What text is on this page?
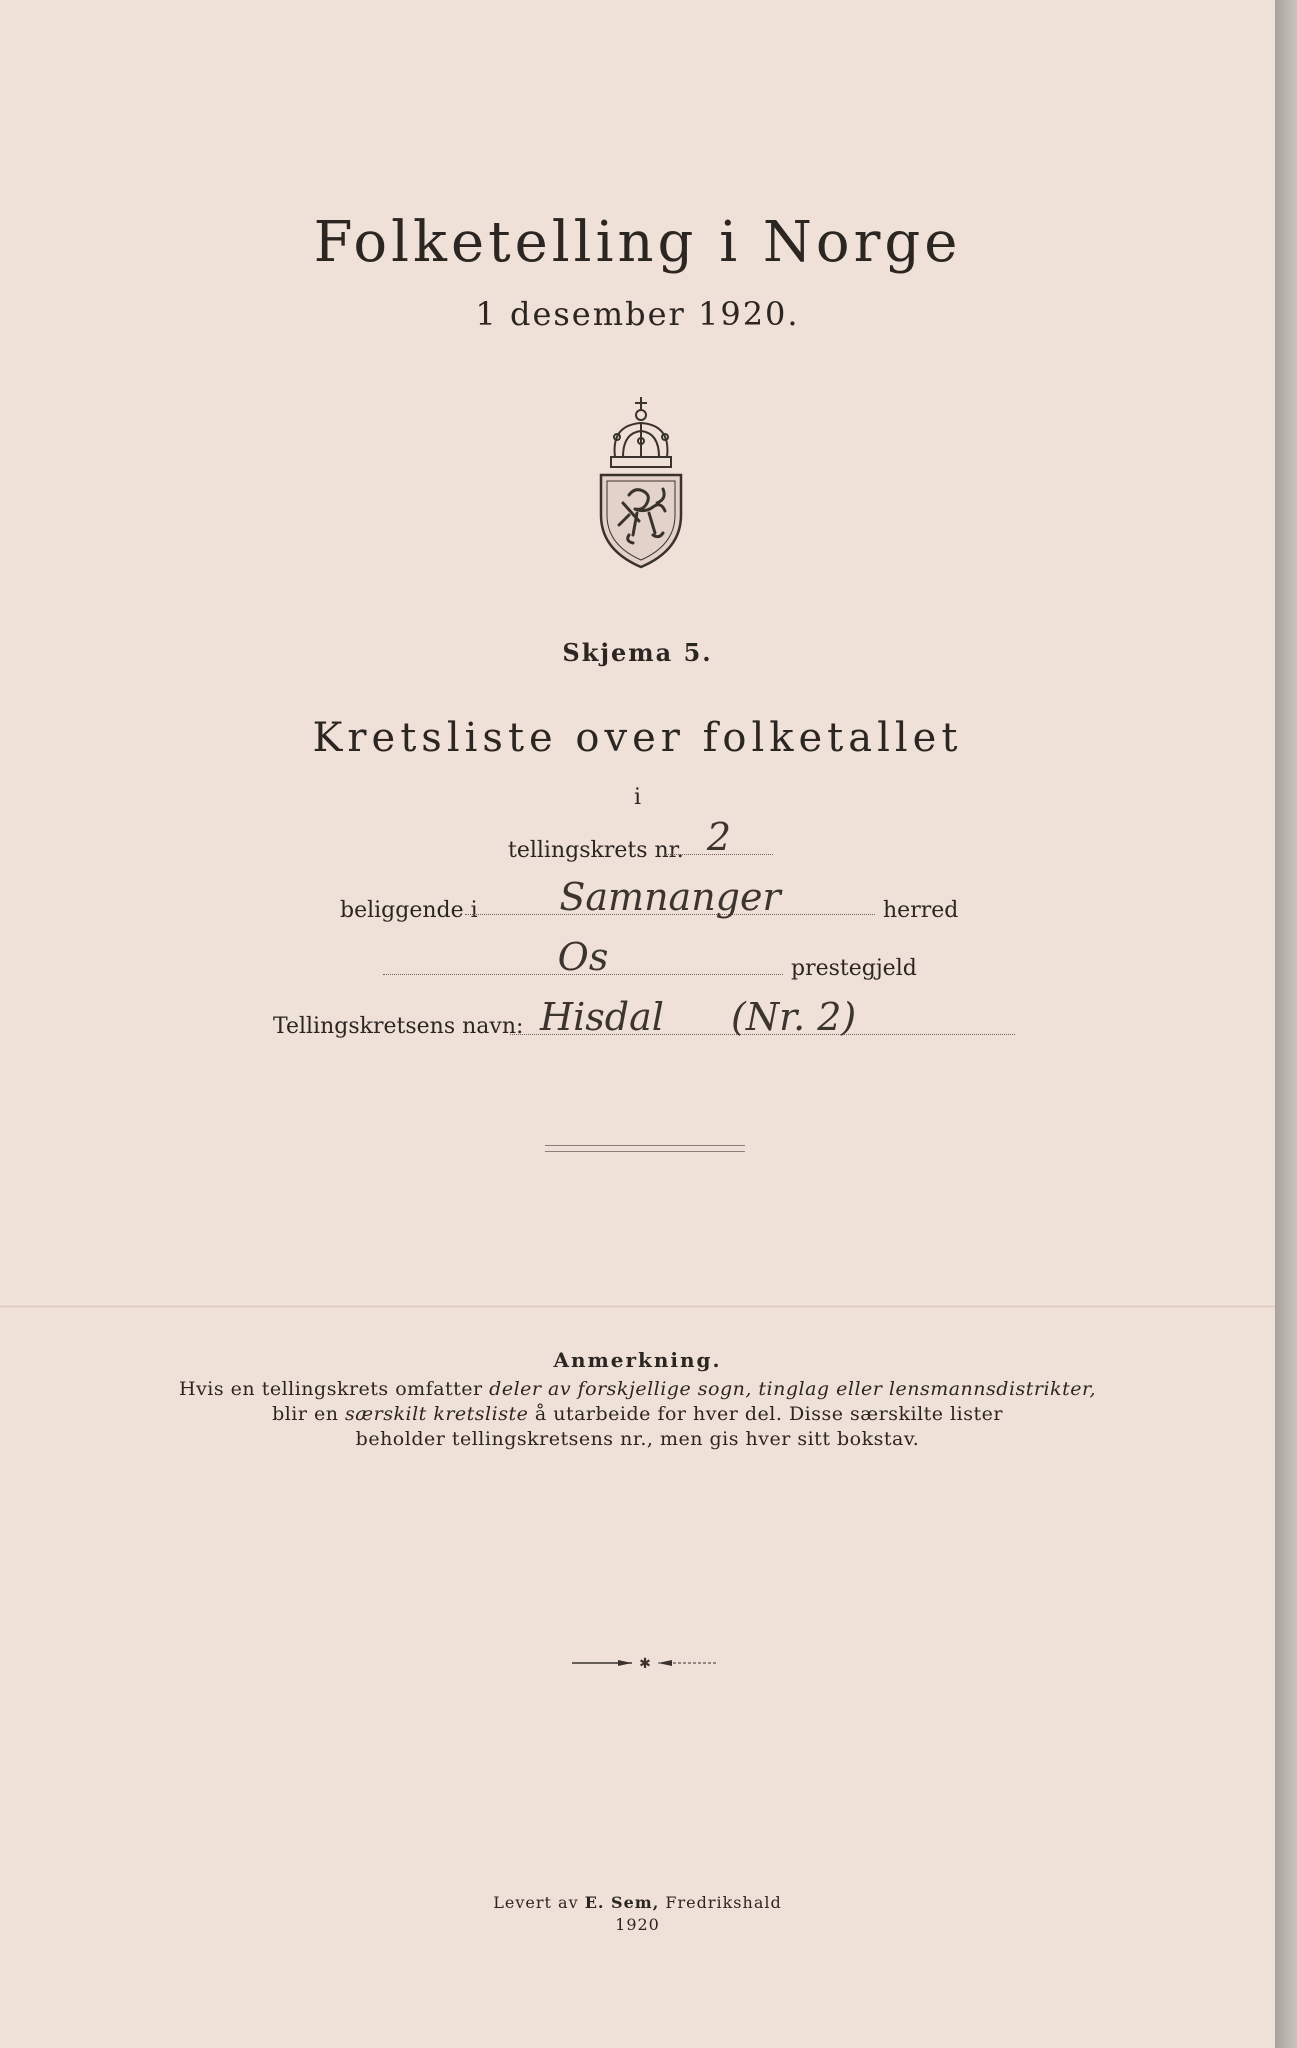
Folketelling i Norge
1 desember 1920.
Skjema 5.
Kretsliste over folketallet
i
tellingskrets nr. 2
beliggende i	Samnanger	herred
Os	prestegjeld
Tellingskretsens navn: Hisdal (Nr. 2)
Anmerkning.
Hvis en tellingskrets omfatter deler av forskjellige sogn, tinglag eller lensmannsdistrikter,
blir en særskilt kretsliste å utarbeide for hver del. Disse særskilte lister
beholder tellingskretsens nr., men gis hver sitt bokstav.
✱
Levert av E. Sem, Fredrikshald
1920
